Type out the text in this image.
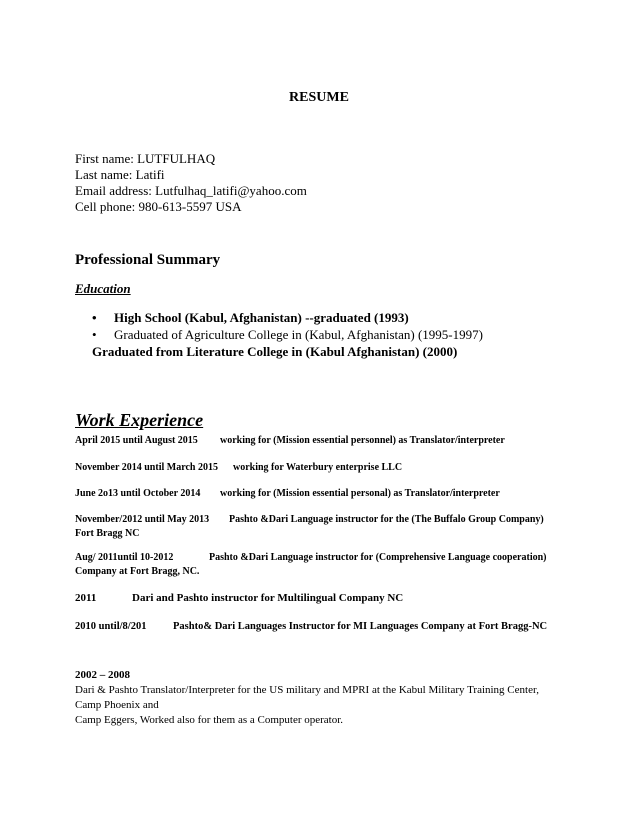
RESUME
First name: LUTFULHAQ
Last name: Latifi
Email address: Lutfulhaq_latifi@yahoo.com
Cell phone: 980-613-5597 USA
Professional Summary
Education
• High School (Kabul, Afghanistan) --graduated (1993)
• Graduated of Agriculture College in (Kabul, Afghanistan) (1995-1997)
Graduated from Literature College in (Kabul Afghanistan) (2000)
Work Experience
April 2015 until August 2015 working for (Mission essential personnel) as Translator/interpreter
November 2014 until March 2015 working for Waterbury enterprise LLC
June 2o13 until October 2014 working for (Mission essential personal) as Translator/interpreter
November/2012 until May 2013 Pashto &Dari Language instructor for the (The Buffalo Group Company)
Fort Bragg NC
Aug/ 2011until 10-2012	Pashto &Dari Language instructor for (Comprehensive Language cooperation)
Company at Fort Bragg, NC.
2011	Dari and Pashto instructor for Multilingual Company NC
2010 until/8/201	Pashto& Dari Languages Instructor for MI Languages Company at Fort Bragg-NC
2002 – 2008
Dari & Pashto Translator/Interpreter for the US military and MPRI at the Kabul Military Training Center,
Camp Phoenix and
Camp Eggers, Worked also for them as a Computer operator.
